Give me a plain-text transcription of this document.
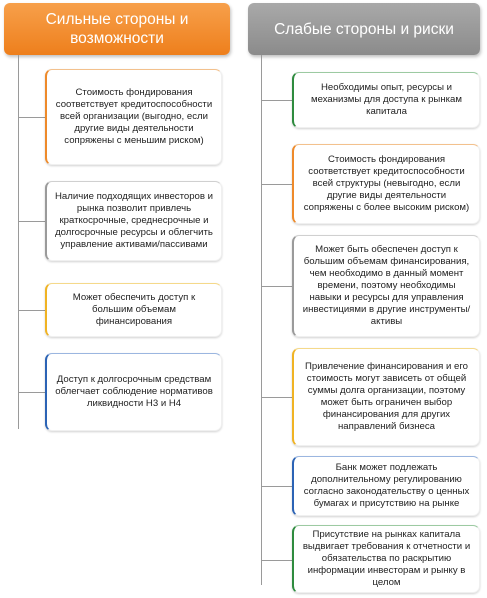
Сильные стороны и возможности
Слабые стороны и риски
Стоимость фондирования соответствует кредитоспособности всей организации (выгодно, если другие виды деятельности сопряжены с меньшим риском)
Наличие подходящих инвесторов и рынка позволит привлечь краткосрочные, среднесрочные и долгосрочные ресурсы и облегчить управление активами/пассивами
Может обеспечить доступ к большим объемам финансирования
Доступ к долгосрочным средствам облегчает соблюдение нормативов ликвидности Н3 и Н4
Необходимы опыт, ресурсы и механизмы для доступа к рынкам капитала
Стоимость фондирования соответствует кредитоспособности всей структуры (невыгодно, если другие виды деятельности сопряжены с более высоким риском)
Может быть обеспечен доступ к большим объемам финансирования, чем необходимо в данный момент времени, поэтому необходимы навыки и ресурсы для управления инвестициями в другие инструменты/активы
Привлечение финансирования и его стоимость могут зависеть от общей суммы долга организации, поэтому может быть ограничен выбор финансирования для других направлений бизнеса
Банк может подлежать дополнительному регулированию согласно законодательству о ценных бумагах и присутствию на рынке
Присутствие на рынках капитала выдвигает требования к отчетности и обязательства по раскрытию информации инвесторам и рынку в целом
